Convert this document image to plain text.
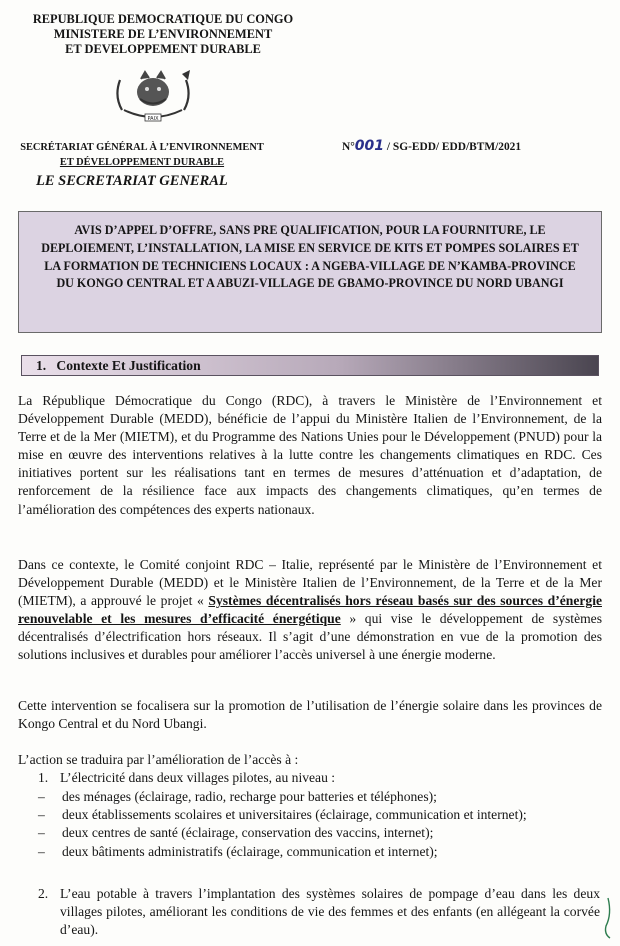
REPUBLIQUE DEMOCRATIQUE DU CONGO
MINISTERE DE L’ENVIRONNEMENT
ET DEVELOPPEMENT DURABLE
PAIX
SECRÉTARIAT GÉNÉRAL À L’ENVIRONNEMENT
ET DÉVELOPPEMENT DURABLE
LE SECRETARIAT GENERAL
N°001 / SG-EDD/ EDD/BTM/2021
AVIS D’APPEL D’OFFRE, SANS PRE QUALIFICATION, POUR LA FOURNITURE, LE DEPLOIEMENT, L’INSTALLATION, LA MISE EN SERVICE DE KITS ET POMPES SOLAIRES ET LA FORMATION DE TECHNICIENS LOCAUX : A NGEBA-VILLAGE DE N’KAMBA-PROVINCE DU KONGO CENTRAL ET A ABUZI-VILLAGE DE GBAMO-PROVINCE DU NORD UBANGI
1. Contexte Et Justification

La République Démocratique du Congo (RDC), à travers le Ministère de l’Environnement et Développement Durable (MEDD), bénéficie de l’appui du Ministère Italien de l’Environnement, de la Terre et de la Mer (MIETM), et du Programme des Nations Unies pour le Développement (PNUD) pour la mise en œuvre des interventions relatives à la lutte contre les changements climatiques en RDC. Ces initiatives portent sur les réalisations tant en termes de mesures d’atténuation et d’adaptation, de renforcement de la résilience face aux impacts des changements climatiques, qu’en termes de l’amélioration des compétences des experts nationaux.

Dans ce contexte, le Comité conjoint RDC – Italie, représenté par le Ministère de l’Environnement et Développement Durable (MEDD) et le Ministère Italien de l’Environnement, de la Terre et de la Mer (MIETM), a approuvé le projet « Systèmes décentralisés hors réseau basés sur des sources d’énergie renouvelable et les mesures d’efficacité énergétique » qui vise le développement de systèmes décentralisés d’électrification hors réseaux. Il s’agit d’une démonstration en vue de la promotion des solutions inclusives et durables pour améliorer l’accès universel à une énergie moderne.

Cette intervention se focalisera sur la promotion de l’utilisation de l’énergie solaire dans les provinces de Kongo Central et du Nord Ubangi.

L’action se traduira par l’amélioration de l’accès à :

1. L’électricité dans deux villages pilotes, au niveau :
– des ménages (éclairage, radio, recharge pour batteries et téléphones);
– deux établissements scolaires et universitaires (éclairage, communication et internet);
– deux centres de santé (éclairage, conservation des vaccins, internet);
– deux bâtiments administratifs (éclairage, communication et internet);
2. L’eau potable à travers l’implantation des systèmes solaires de pompage d’eau dans les deux villages pilotes, améliorant les conditions de vie des femmes et des enfants (en allégeant la corvée d’eau).
